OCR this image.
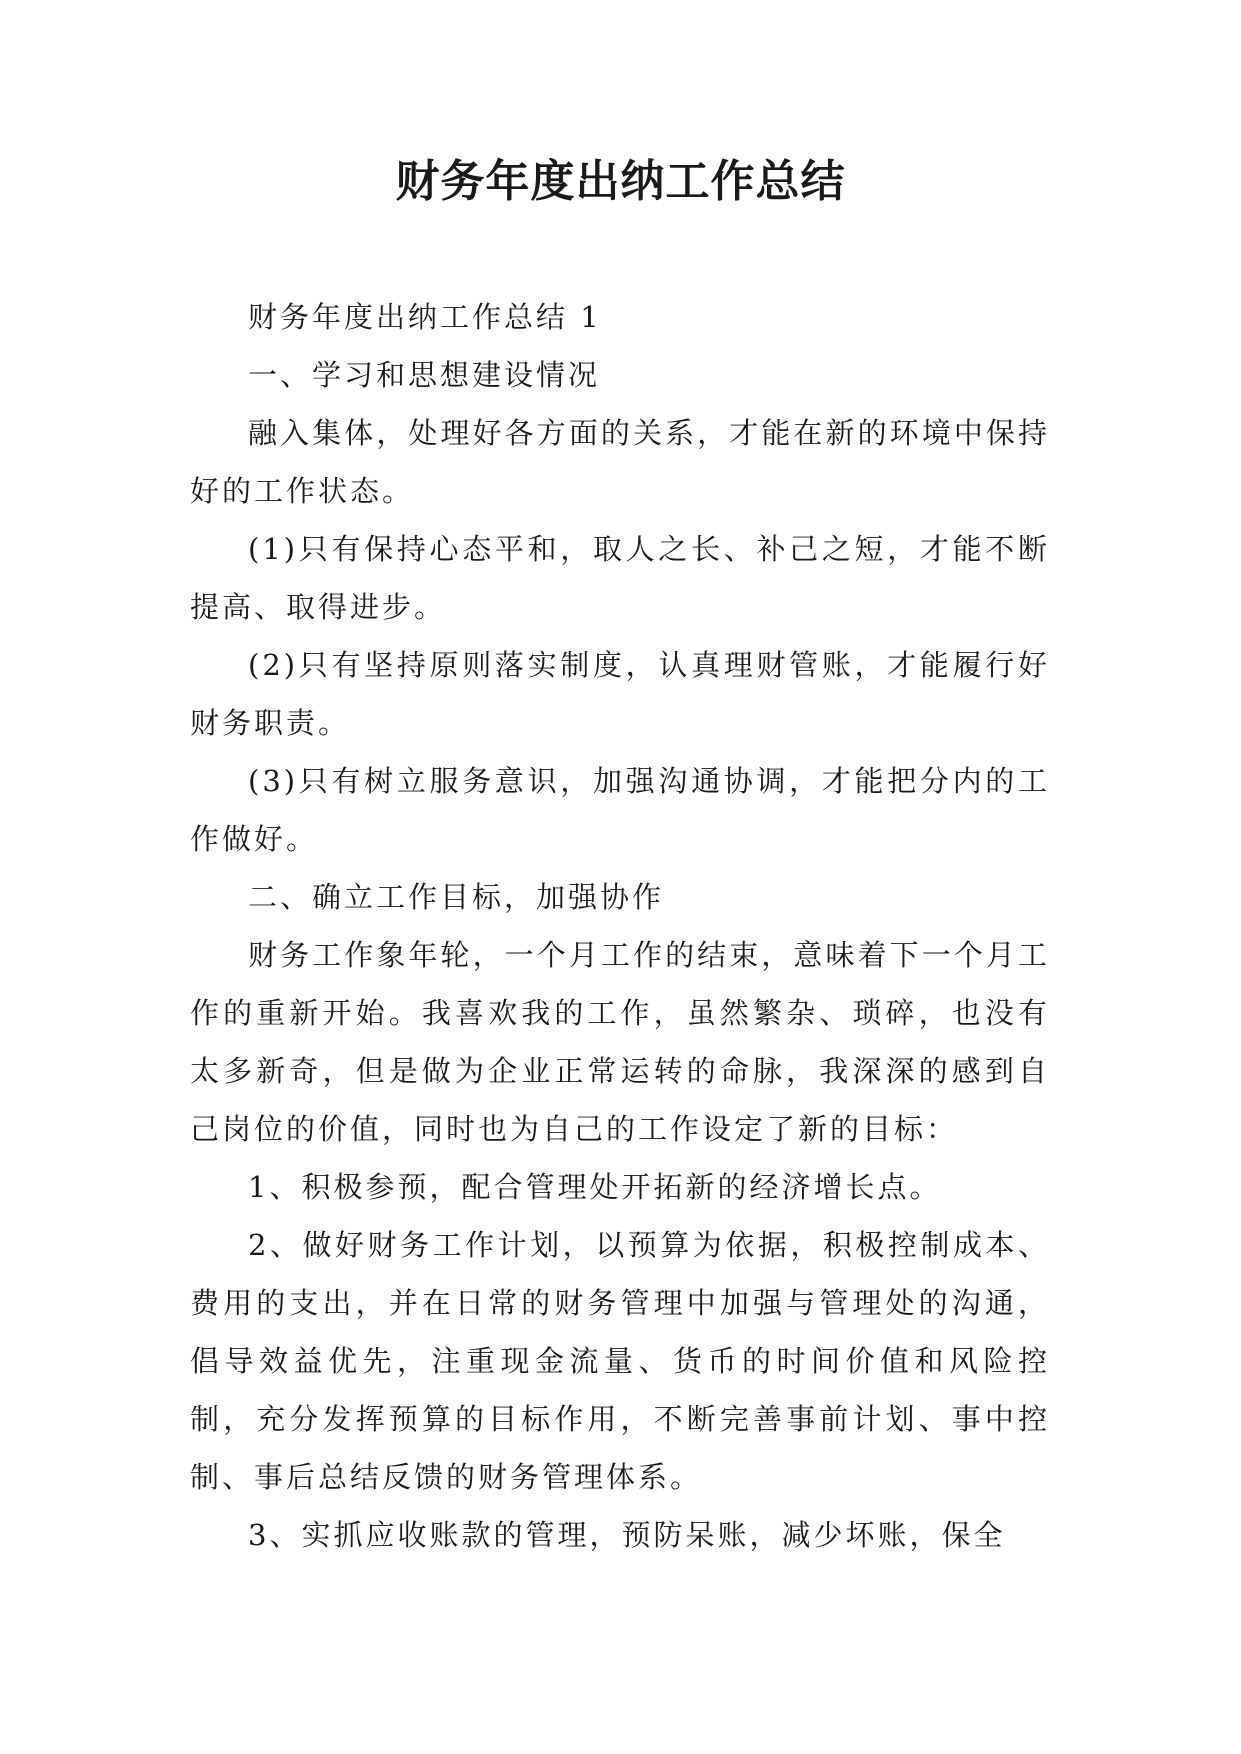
财务年度出纳工作总结

财务年度出纳工作总结 1

一、学习和思想建设情况

融入集体，处理好各方面的关系，才能在新的环境中保持好的工作状态。

(1)只有保持心态平和，取人之长、补己之短，才能不断提高、取得进步。

(2)只有坚持原则落实制度，认真理财管账，才能履行好财务职责。

(3)只有树立服务意识，加强沟通协调，才能把分内的工作做好。

二、确立工作目标，加强协作

财务工作象年轮，一个月工作的结束，意味着下一个月工作的重新开始。我喜欢我的工作，虽然繁杂、琐碎，也没有太多新奇，但是做为企业正常运转的命脉，我深深的感到自己岗位的价值，同时也为自己的工作设定了新的目标：

1、积极参预，配合管理处开拓新的经济增长点。

2、做好财务工作计划，以预算为依据，积极控制成本、费用的支出，并在日常的财务管理中加强与管理处的沟通，倡导效益优先，注重现金流量、货币的时间价值和风险控制，充分发挥预算的目标作用，不断完善事前计划、事中控制、事后总结反馈的财务管理体系。

3、实抓应收账款的管理，预防呆账，减少坏账，保全
